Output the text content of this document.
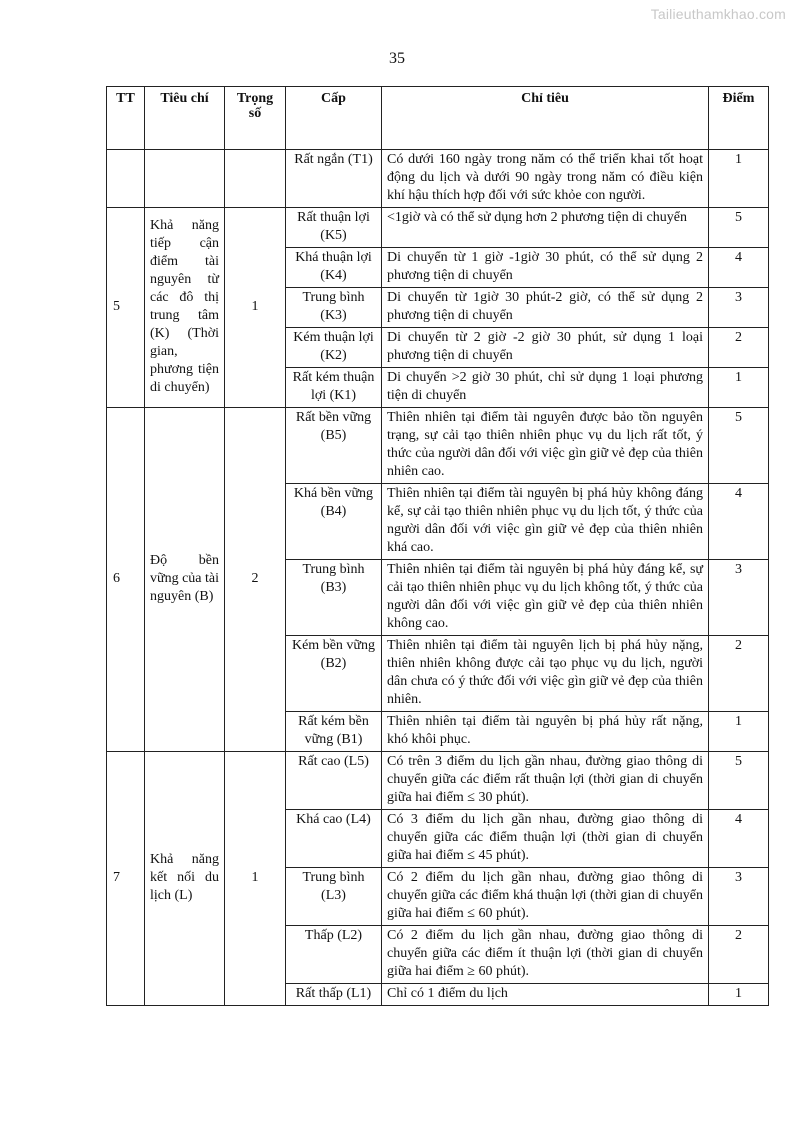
Tailieuthamkhao.com
35
TT	Tiêu chí	Trọng số	Cấp	Chỉ tiêu	Điểm
			Rất ngắn (T1)	Có dưới 160 ngày trong năm có thể triển khai tốt hoạt động du lịch và dưới 90 ngày trong năm có điều kiện khí hậu thích hợp đối với sức khỏe con người.	1
5	Khả năng tiếp cận điểm tài nguyên từ các đô thị trung tâm (K) (Thời gian, phương tiện di chuyển)	1	Rất thuận lợi (K5)	<1giờ và có thể sử dụng hơn 2 phương tiện di chuyển	5
			Khá thuận lợi (K4)	Di chuyển từ 1 giờ -1giờ 30 phút, có thể sử dụng 2 phương tiện di chuyển	4
			Trung bình (K3)	Di chuyển từ 1giờ 30 phút-2 giờ, có thể sử dụng 2 phương tiện di chuyển	3
			Kém thuận lợi (K2)	Di chuyển từ 2 giờ -2 giờ 30 phút, sử dụng 1 loại phương tiện di chuyển	2
			Rất kém thuận lợi (K1)	Di chuyển >2 giờ 30 phút, chỉ sử dụng 1 loại phương tiện di chuyển	1
6	Độ bền vững của tài nguyên (B)	2	Rất bền vững (B5)	Thiên nhiên tại điểm tài nguyên được bảo tồn nguyên trạng, sự cải tạo thiên nhiên phục vụ du lịch rất tốt, ý thức của người dân đối với việc gìn giữ vẻ đẹp của thiên nhiên cao.	5
			Khá bền vững (B4)	Thiên nhiên tại điểm tài nguyên bị phá hủy không đáng kể, sự cải tạo thiên nhiên phục vụ du lịch tốt, ý thức của người dân đối với việc gìn giữ vẻ đẹp của thiên nhiên khá cao.	4
			Trung bình (B3)	Thiên nhiên tại điểm tài nguyên bị phá hủy đáng kể, sự cải tạo thiên nhiên phục vụ du lịch không tốt, ý thức của người dân đối với việc gìn giữ vẻ đẹp của thiên nhiên không cao.	3
			Kém bền vững (B2)	Thiên nhiên tại điểm tài nguyên lịch bị phá hủy nặng, thiên nhiên không được cải tạo phục vụ du lịch, người dân chưa có ý thức đối với việc gìn giữ vẻ đẹp của thiên nhiên.	2
			Rất kém bền vững (B1)	Thiên nhiên tại điểm tài nguyên bị phá hủy rất nặng, khó khôi phục.	1
7	Khả năng kết nối du lịch (L)	1	Rất cao (L5)	Có trên 3 điểm du lịch gần nhau, đường giao thông di chuyển giữa các điểm rất thuận lợi (thời gian di chuyển giữa hai điểm ≤ 30 phút).	5
			Khá cao (L4)	Có 3 điểm du lịch gần nhau, đường giao thông di chuyển giữa các điểm thuận lợi (thời gian di chuyển giữa hai điểm ≤ 45 phút).	4
			Trung bình (L3)	Có 2 điểm du lịch gần nhau, đường giao thông di chuyển giữa các điểm khá thuận lợi (thời gian di chuyển giữa hai điểm ≤ 60 phút).	3
			Thấp (L2)	Có 2 điểm du lịch gần nhau, đường giao thông di chuyển giữa các điểm ít thuận lợi (thời gian di chuyển giữa hai điểm ≥ 60 phút).	2
			Rất thấp (L1)	Chỉ có 1 điểm du lịch	1
